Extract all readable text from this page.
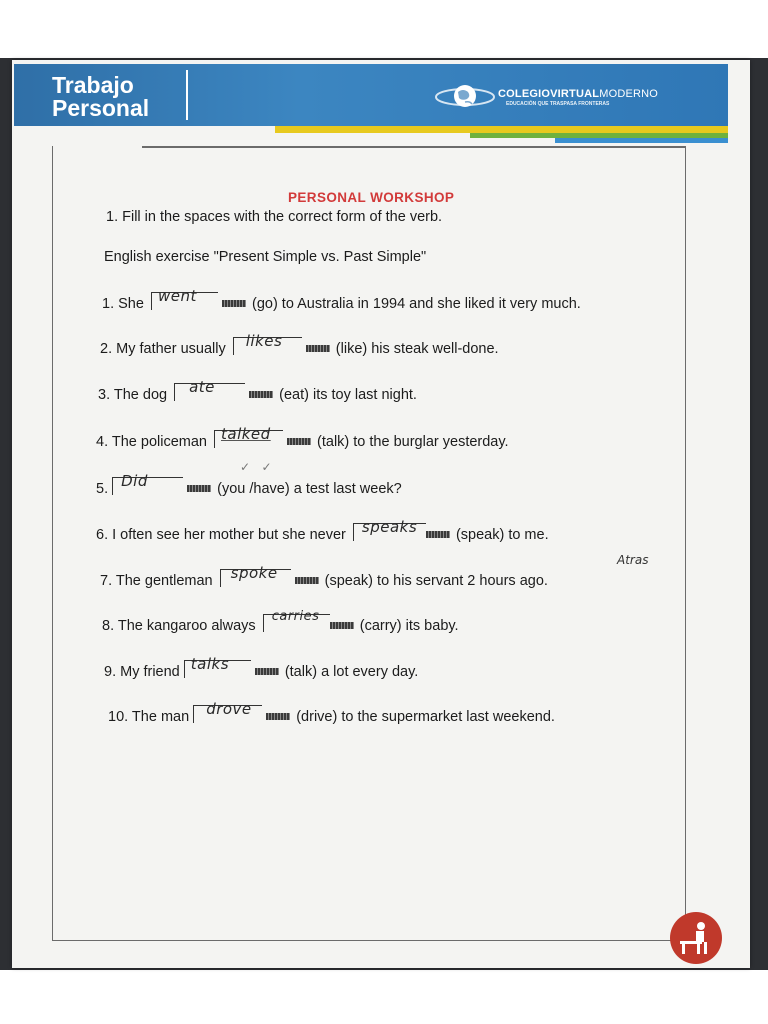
Trabajo
Personal
COLEGIOVIRTUALMODERNO
EDUCACIÓN QUE TRASPASA FRONTERAS
PERSONAL WORKSHOP
1. Fill in the spaces with the correct form of the verb.
English exercise "Present Simple vs. Past Simple"
1. She went	(go) to Australia in 1994 and she liked it very much.
2. My father usually likes	(like) his steak well-done.
3. The dog ate	(eat) its toy last night.
4. The policeman talked	(talk) to the burglar yesterday.
✓   ✓
5. Did	(you /have) a test last week?
6. I often see her mother but she never speaks	(speak) to me.
7. The gentleman spoke	(speak) to his servant 2 hours ago.
Atras
8. The kangaroo always
carries
(carry) its baby.
9. My friend talks	(talk) a lot every day.
10. The man drove	(drive) to the supermarket last weekend.
